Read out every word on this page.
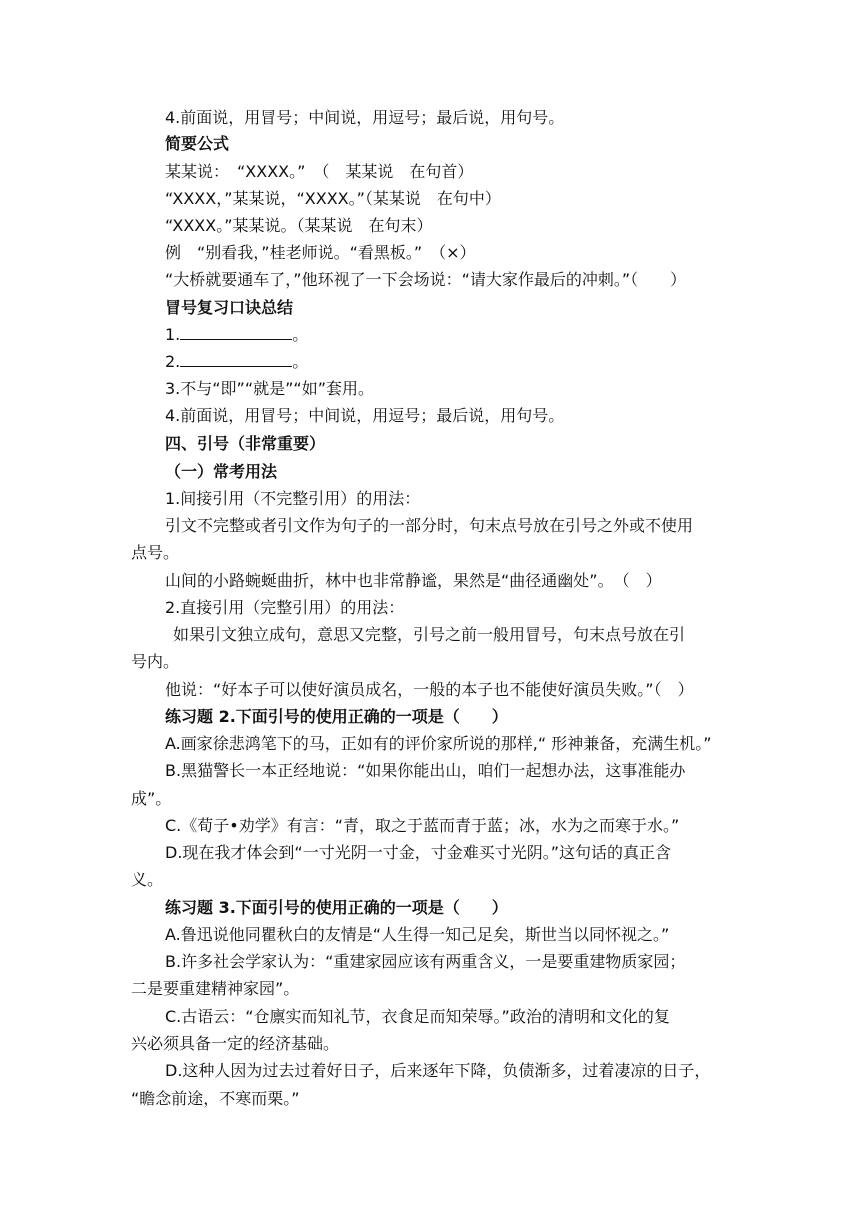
4.前面说，用冒号；中间说，用逗号；最后说，用句号。
简要公式
某某说：　“XXXX。”　（　某某说　在句首）
“XXXX，”某某说，“XXXX。”（某某说　在句中）
“XXXX。”某某说。（某某说　在句末）
例　“别看我，”桂老师说。“看黑板。”　（×）
“大桥就要通车了，”他环视了一下会场说：“请大家作最后的冲刺。”（　　）
冒号复习口诀总结
1.	。
2.	。
3.不与“即”“就是”“如”套用。
4.前面说，用冒号；中间说，用逗号；最后说，用句号。
四、引号（非常重要）
（一）常考用法
1.间接引用（不完整引用）的用法：
引文不完整或者引文作为句子的一部分时，句末点号放在引号之外或不使用
点号。
山间的小路蜿蜒曲折，林中也非常静谧，果然是“曲径通幽处”。　（　）
2.直接引用（完整引用）的用法：
如果引文独立成句，意思又完整，引号之前一般用冒号，句末点号放在引
号内。
他说：“好本子可以使好演员成名，一般的本子也不能使好演员失败。”（　）
练习题 2.下面引号的使用正确的一项是（　　）
A.画家徐悲鸿笔下的马，正如有的评价家所说的那样,“ 形神兼备，充满生机。”
B.黑猫警长一本正经地说：“如果你能出山，咱们一起想办法，这事准能办
成”。
C.《荀子•劝学》有言：“青，取之于蓝而青于蓝；冰，水为之而寒于水。”
D.现在我才体会到“一寸光阴一寸金，寸金难买寸光阴。”这句话的真正含
义。
练习题 3.下面引号的使用正确的一项是（　　）
A.鲁迅说他同瞿秋白的友情是“人生得一知己足矣，斯世当以同怀视之。”
B.许多社会学家认为：“重建家园应该有两重含义，一是要重建物质家园；
二是要重建精神家园”。
C.古语云：“仓廪实而知礼节，衣食足而知荣辱。”政治的清明和文化的复
兴必须具备一定的经济基础。
D.这种人因为过去过着好日子，后来逐年下降，负债渐多，过着凄凉的日子，
“瞻念前途，不寒而栗。”
